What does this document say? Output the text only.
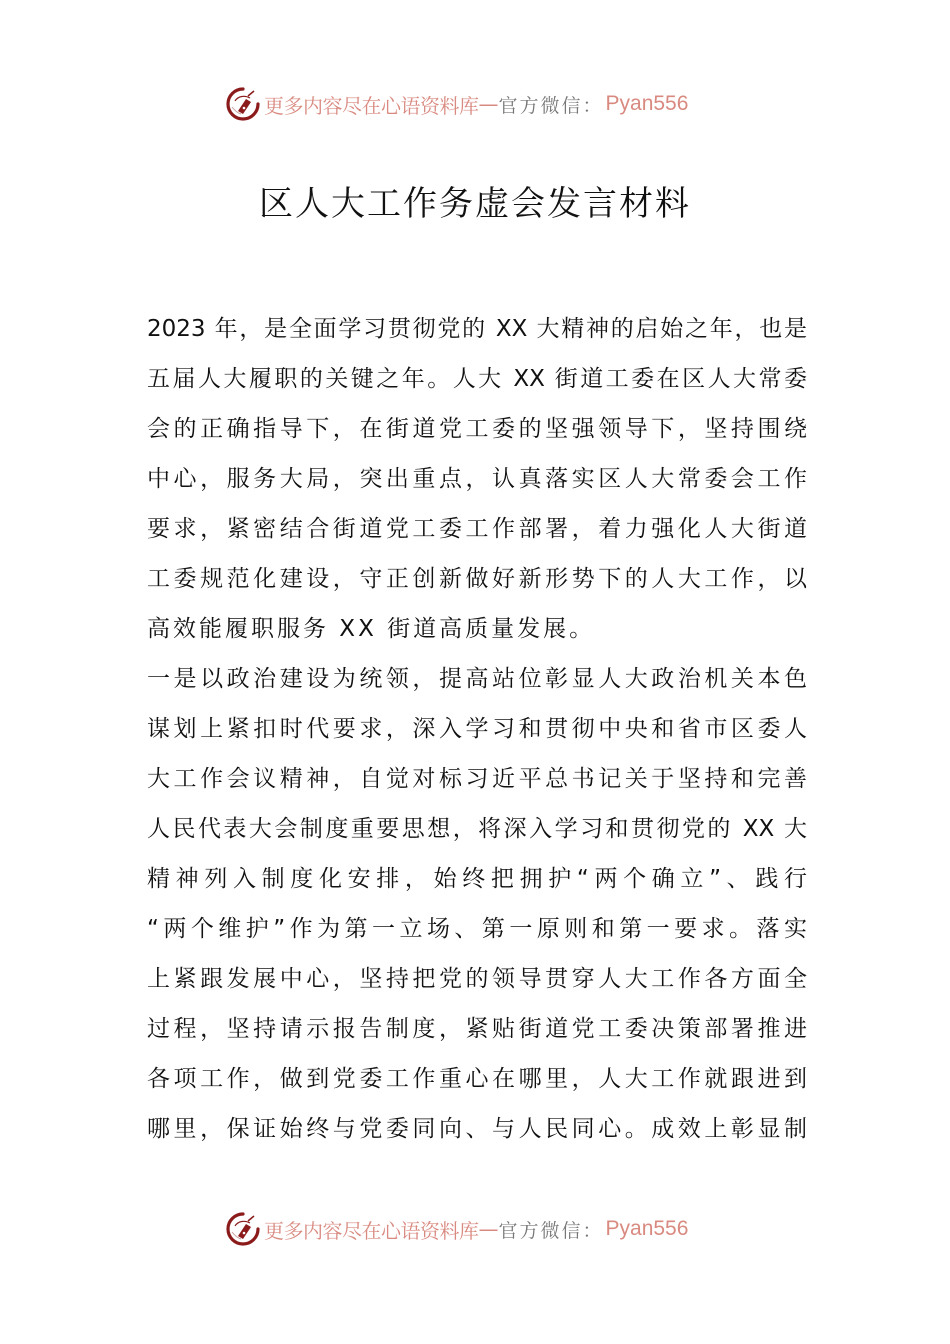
更多内容尽在心语资料库 — 官方微信： Pyan556
区人大工作务虚会发言材料
2023 年，是全面学习贯彻党的 XX 大精神的启始之年，也是
五届人大履职的关键之年。人大 XX 街道工委在区人大常委
会的正确指导下，在街道党工委的坚强领导下，坚持围绕
中心，服务大局，突出重点，认真落实区人大常委会工作
要求，紧密结合街道党工委工作部署，着力强化人大街道
工委规范化建设，守正创新做好新形势下的人大工作，以
高效能履职服务 XX 街道高质量发展。
一是以政治建设为统领，提高站位彰显人大政治机关本色
谋划上紧扣时代要求，深入学习和贯彻中央和省市区委人
大工作会议精神，自觉对标习近平总书记关于坚持和完善
人民代表大会制度重要思想，将深入学习和贯彻党的 XX 大
精神列入制度化安排，始终把拥护“两个确立”、践行
“两个维护”作为第一立场、第一原则和第一要求。落实
上紧跟发展中心，坚持把党的领导贯穿人大工作各方面全
过程，坚持请示报告制度，紧贴街道党工委决策部署推进
各项工作，做到党委工作重心在哪里，人大工作就跟进到
哪里，保证始终与党委同向、与人民同心。成效上彰显制
更多内容尽在心语资料库 — 官方微信： Pyan556
